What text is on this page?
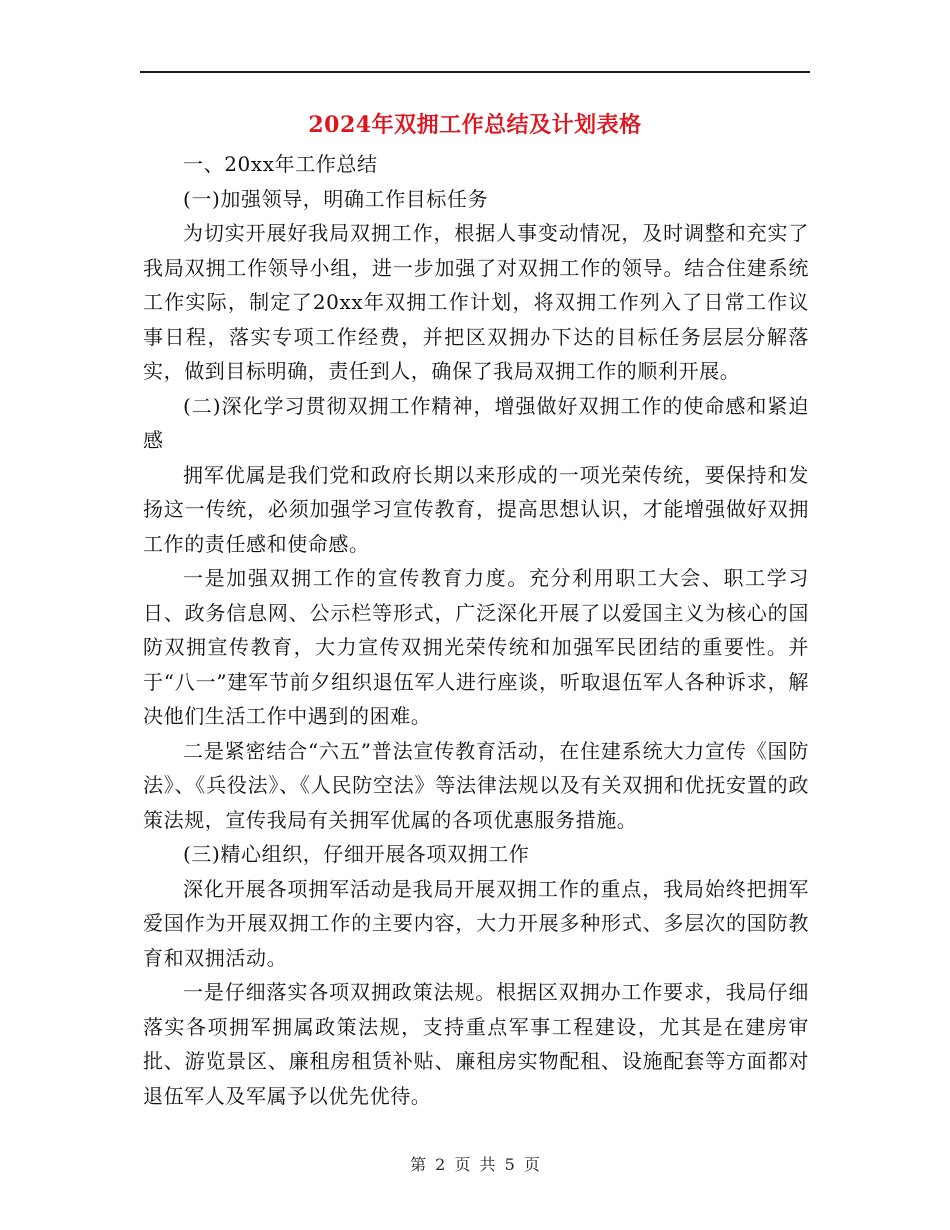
2024年双拥工作总结及计划表格

一、20xx年工作总结

(一)加强领导，明确工作目标任务

为切实开展好我局双拥工作，根据人事变动情况，及时调整和充实了我局双拥工作领导小组，进一步加强了对双拥工作的领导。结合住建系统工作实际，制定了20xx年双拥工作计划，将双拥工作列入了日常工作议事日程，落实专项工作经费，并把区双拥办下达的目标任务层层分解落实，做到目标明确，责任到人，确保了我局双拥工作的顺利开展。

(二)深化学习贯彻双拥工作精神，增强做好双拥工作的使命感和紧迫感

拥军优属是我们党和政府长期以来形成的一项光荣传统，要保持和发扬这一传统，必须加强学习宣传教育，提高思想认识，才能增强做好双拥工作的责任感和使命感。

一是加强双拥工作的宣传教育力度。充分利用职工大会、职工学习日、政务信息网、公示栏等形式，广泛深化开展了以爱国主义为核心的国防双拥宣传教育，大力宣传双拥光荣传统和加强军民团结的重要性。并于“八一”建军节前夕组织退伍军人进行座谈，听取退伍军人各种诉求，解决他们生活工作中遇到的困难。

二是紧密结合“六五”普法宣传教育活动，在住建系统大力宣传《国防法》、《兵役法》、《人民防空法》等法律法规以及有关双拥和优抚安置的政策法规，宣传我局有关拥军优属的各项优惠服务措施。

(三)精心组织，仔细开展各项双拥工作

深化开展各项拥军活动是我局开展双拥工作的重点，我局始终把拥军爱国作为开展双拥工作的主要内容，大力开展多种形式、多层次的国防教育和双拥活动。

一是仔细落实各项双拥政策法规。根据区双拥办工作要求，我局仔细落实各项拥军拥属政策法规，支持重点军事工程建设，尤其是在建房审批、游览景区、廉租房租赁补贴、廉租房实物配租、设施配套等方面都对退伍军人及军属予以优先优待。

第 2 页 共 5 页
